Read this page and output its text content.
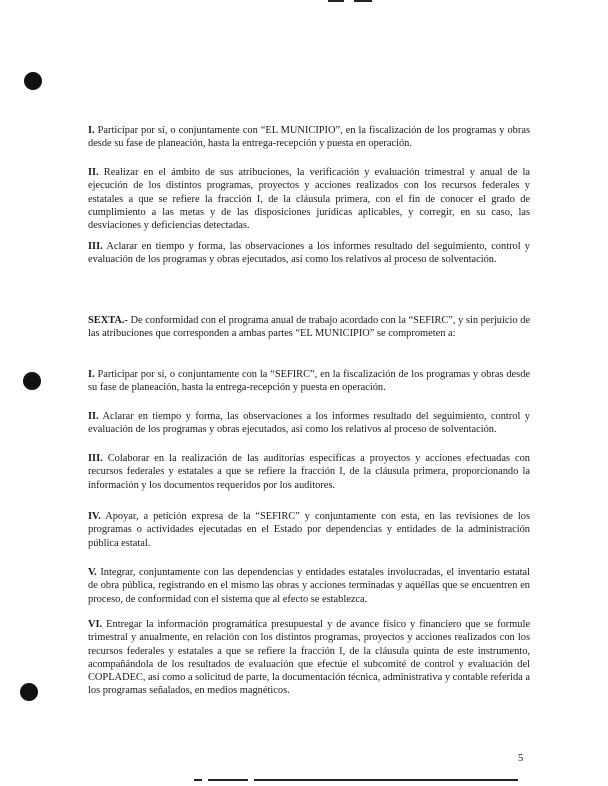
I. Participar por sí, o conjuntamente con “EL MUNICIPIO”, en la fiscalización de los programas y obras desde su fase de planeación, hasta la entrega-recepción y puesta en operación.

II. Realizar en el ámbito de sus atribuciones, la verificación y evaluación trimestral y anual de la ejecución de los distintos programas, proyectos y acciones realizados con los recursos federales y estatales a que se refiere la fracción I, de la cláusula primera, con el fin de conocer el grado de cumplimiento a las metas y de las disposiciones jurídicas aplicables, y corregir, en su caso, las desviaciones y deficiencias detectadas.

III. Aclarar en tiempo y forma, las observaciones a los informes resultado del seguimiento, control y evaluación de los programas y obras ejecutados, así como los relativos al proceso de solventación.

SEXTA.- De conformidad con el programa anual de trabajo acordado con la “SEFIRC”, y sin perjuicio de las atribuciones que corresponden a ambas partes “EL MUNICIPIO” se comprometen a:

I. Participar por sí, o conjuntamente con la “SEFIRC”, en la fiscalización de los programas y obras desde su fase de planeación, hasta la entrega-recepción y puesta en operación.

II. Aclarar en tiempo y forma, las observaciones a los informes resultado del seguimiento, control y evaluación de los programas y obras ejecutados, así como los relativos al proceso de solventación.

III. Colaborar en la realización de las auditorías específicas a proyectos y acciones efectuadas con recursos federales y estatales a que se refiere la fracción I, de la cláusula primera, proporcionando la información y los documentos requeridos por los auditores.

IV. Apoyar, a petición expresa de la “SEFIRC” y conjuntamente con esta, en las revisiones de los programas o actividades ejecutadas en el Estado por dependencias y entidades de la administración pública estatal.

V. Integrar, conjuntamente con las dependencias y entidades estatales involucradas, el inventario estatal de obra pública, registrando en el mismo las obras y acciones terminadas y aquéllas que se encuentren en proceso, de conformidad con el sistema que al efecto se establezca.

VI. Entregar la información programática presupuestal y de avance físico y financiero que se formule trimestral y anualmente, en relación con los distintos programas, proyectos y acciones realizados con los recursos federales y estatales a que se refiere la fracción I, de la cláusula quinta de este instrumento, acompañándola de los resultados de evaluación que efectúe el subcomité de control y evaluación del COPLADEC, así como a solicitud de parte, la documentación técnica, administrativa y contable referida a los programas señalados, en medios magnéticos.

5
